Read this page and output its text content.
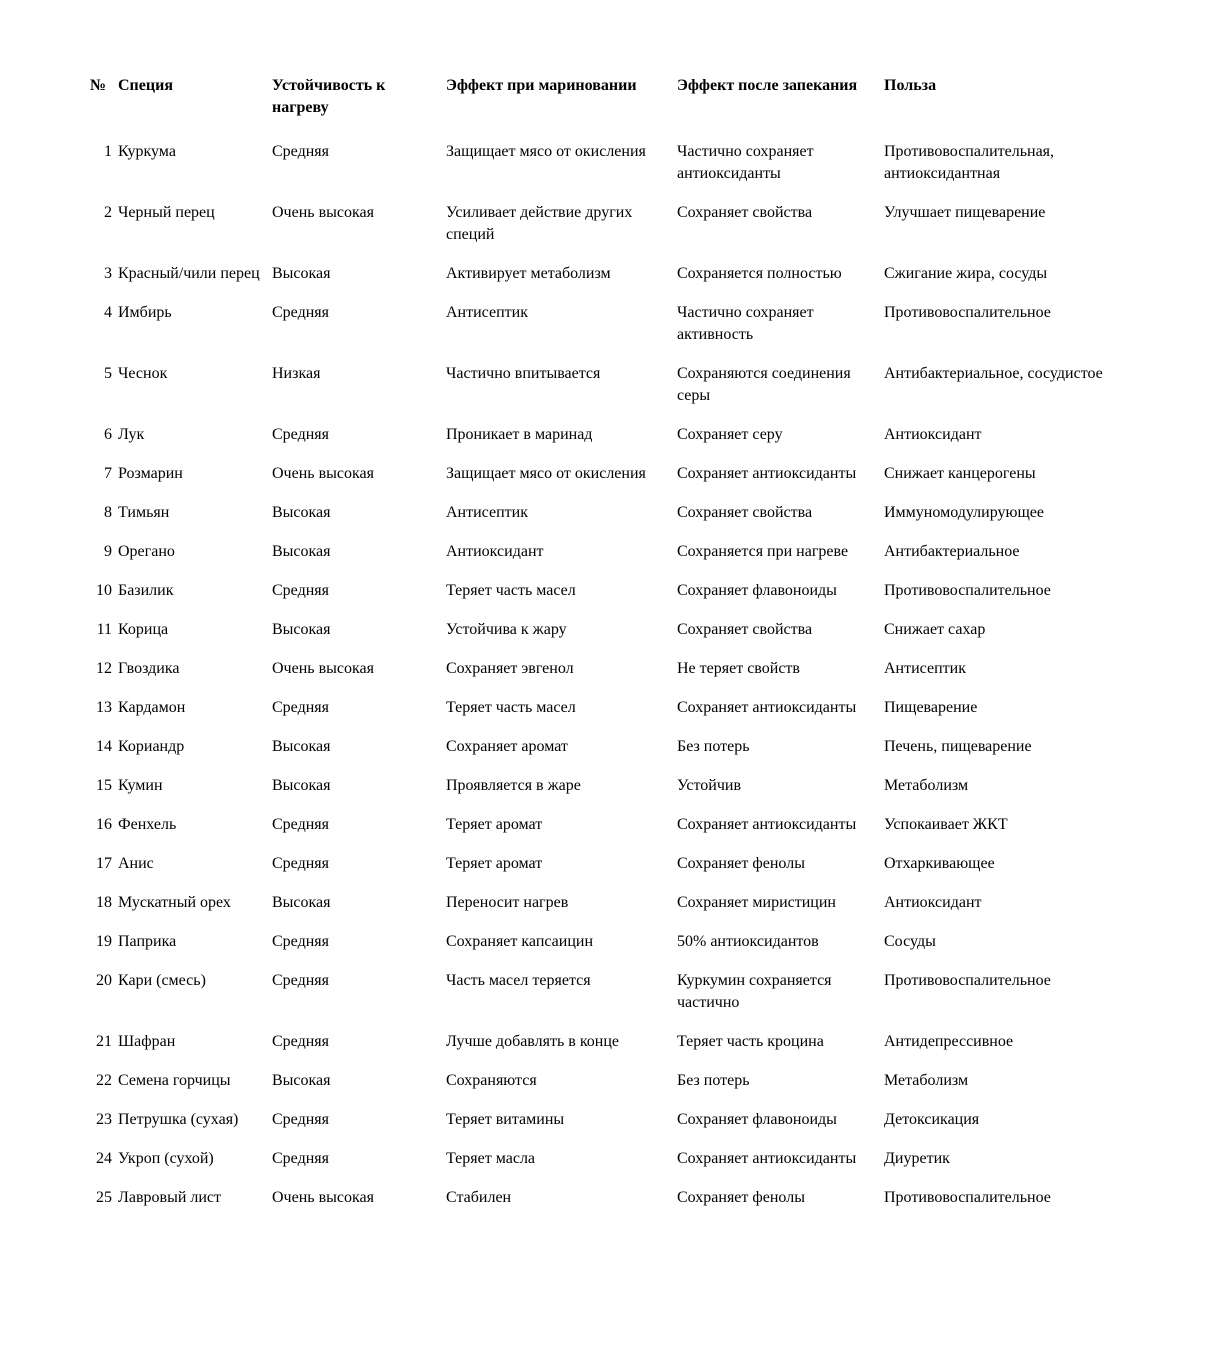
№	Специя	Устойчивость к нагреву	Эффект при мариновании	Эффект после запекания	Польза
1	Куркума	Средняя	Защищает мясо от окисления	Частично сохраняет антиоксиданты	Противовоспалительная, антиоксидантная
2	Черный перец	Очень высокая	Усиливает действие других специй	Сохраняет свойства	Улучшает пищеварение
3	Красный/чили перец	Высокая	Активирует метаболизм	Сохраняется полностью	Сжигание жира, сосуды
4	Имбирь	Средняя	Антисептик	Частично сохраняет активность	Противовоспалительное
5	Чеснок	Низкая	Частично впитывается	Сохраняются соединения серы	Антибактериальное, сосудистое
6	Лук	Средняя	Проникает в маринад	Сохраняет серу	Антиоксидант
7	Розмарин	Очень высокая	Защищает мясо от окисления	Сохраняет антиоксиданты	Снижает канцерогены
8	Тимьян	Высокая	Антисептик	Сохраняет свойства	Иммуномодулирующее
9	Орегано	Высокая	Антиоксидант	Сохраняется при нагреве	Антибактериальное
10	Базилик	Средняя	Теряет часть масел	Сохраняет флавоноиды	Противовоспалительное
11	Корица	Высокая	Устойчива к жару	Сохраняет свойства	Снижает сахар
12	Гвоздика	Очень высокая	Сохраняет эвгенол	Не теряет свойств	Антисептик
13	Кардамон	Средняя	Теряет часть масел	Сохраняет антиоксиданты	Пищеварение
14	Кориандр	Высокая	Сохраняет аромат	Без потерь	Печень, пищеварение
15	Кумин	Высокая	Проявляется в жаре	Устойчив	Метаболизм
16	Фенхель	Средняя	Теряет аромат	Сохраняет антиоксиданты	Успокаивает ЖКТ
17	Анис	Средняя	Теряет аромат	Сохраняет фенолы	Отхаркивающее
18	Мускатный орех	Высокая	Переносит нагрев	Сохраняет миристицин	Антиоксидант
19	Паприка	Средняя	Сохраняет капсаицин	50% антиоксидантов	Сосуды
20	Кари (смесь)	Средняя	Часть масел теряется	Куркумин сохраняется частично	Противовоспалительное
21	Шафран	Средняя	Лучше добавлять в конце	Теряет часть кроцина	Антидепрессивное
22	Семена горчицы	Высокая	Сохраняются	Без потерь	Метаболизм
23	Петрушка (сухая)	Средняя	Теряет витамины	Сохраняет флавоноиды	Детоксикация
24	Укроп (сухой)	Средняя	Теряет масла	Сохраняет антиоксиданты	Диуретик
25	Лавровый лист	Очень высокая	Стабилен	Сохраняет фенолы	Противовоспалительное
